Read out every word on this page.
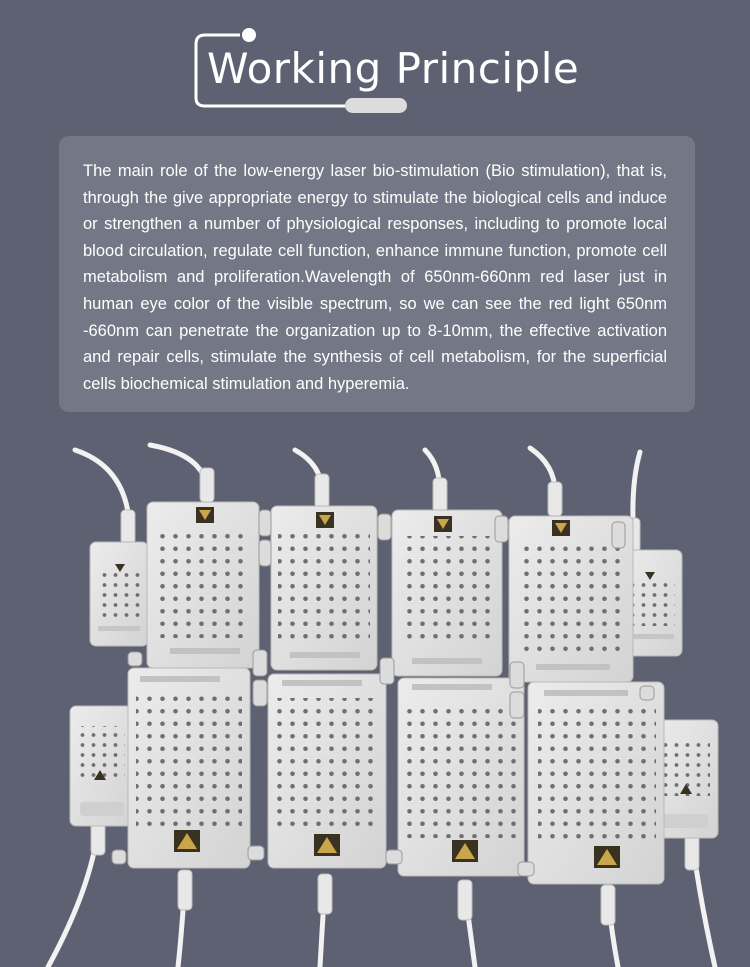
Working Principle

The main role of the low-energy laser bio-stimulation (Bio stimulation), that is, through the give appropriate energy to stimulate the biological cells and induce or strengthen a number of physiological responses, including to promote local blood circulation, regulate cell function, enhance immune function, promote cell metabolism and proliferation.Wavelength of 650nm-660nm red laser just in human eye color of the visible spectrum, so we can see the red light 650nm -660nm can penetrate the organization up to 8-10mm, the effective activation and repair cells, stimulate the synthesis of cell metabolism, for the superficial cells biochemical stimulation and hyperemia.
